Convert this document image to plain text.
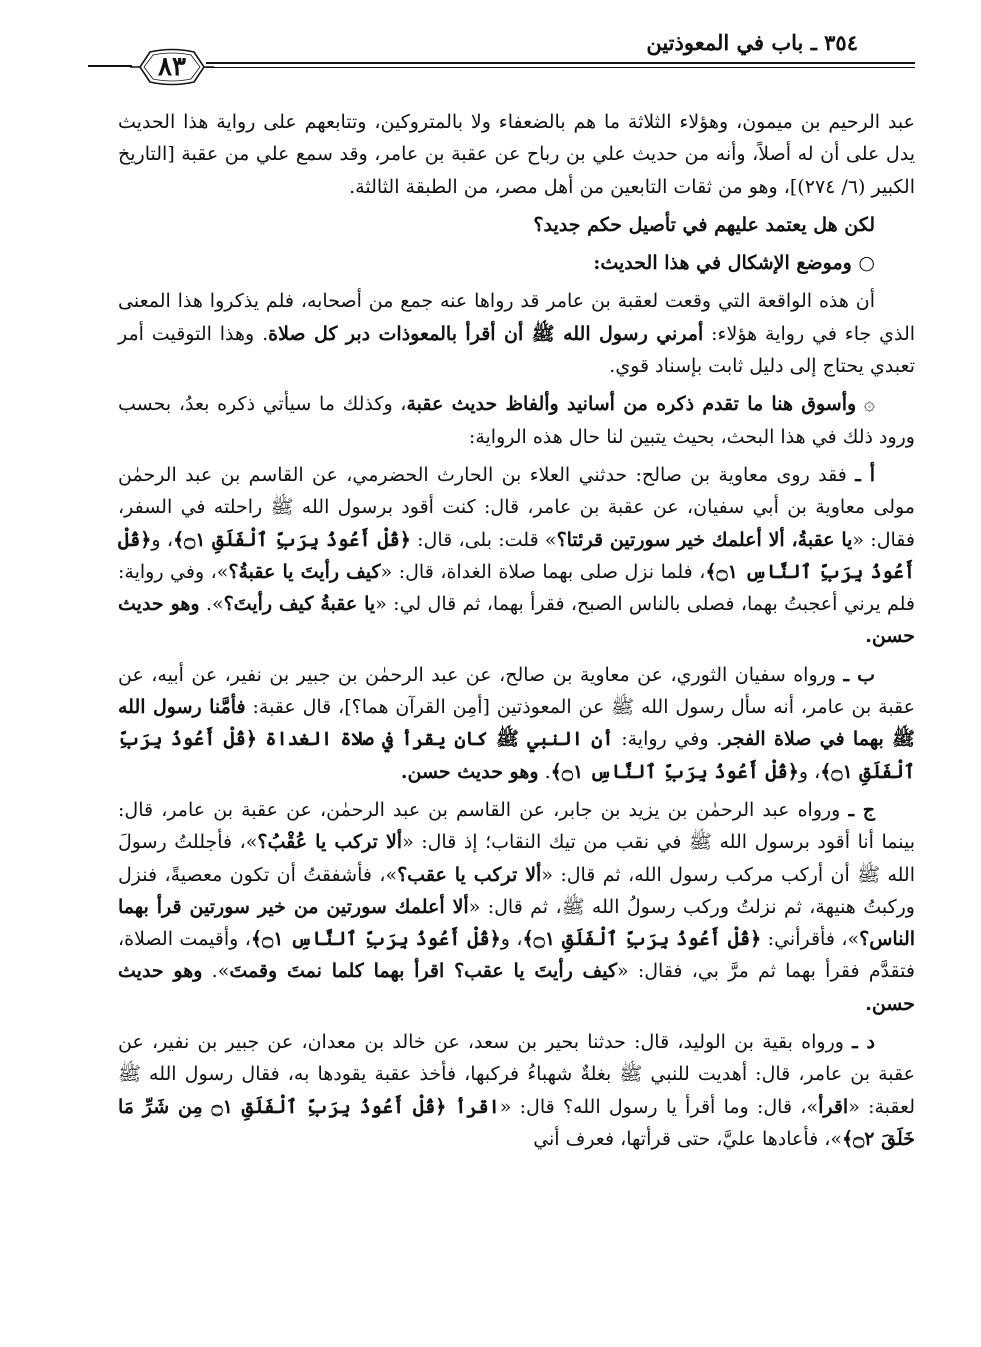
٣٥٤ ـ باب في المعوذتين
٨٣

عبد الرحيم بن ميمون، وهؤلاء الثلاثة ما هم بالضعفاء ولا بالمتروكين، وتتابعهم على رواية هذا الحديث يدل على أن له أصلاً، وأنه من حديث علي بن رباح عن عقبة بن عامر، وقد سمع علي من عقبة [التاريخ الكبير (٦/ ٢٧٤)]، وهو من ثقات التابعين من أهل مصر، من الطبقة الثالثة.

لكن هل يعتمد عليهم في تأصيل حكم جديد؟

○ وموضع الإشكال في هذا الحديث:

أن هذه الواقعة التي وقعت لعقبة بن عامر قد رواها عنه جمع من أصحابه، فلم يذكروا هذا المعنى الذي جاء في رواية هؤلاء: أمرني رسول الله ﷺ أن أقرأ بالمعوذات دبر كل صلاة. وهذا التوقيت أمر تعبدي يحتاج إلى دليل ثابت بإسناد قوي.

۞ وأسوق هنا ما تقدم ذكره من أسانيد وألفاظ حديث عقبة، وكذلك ما سيأتي ذكره بعدُ، بحسب ورود ذلك في هذا البحث، بحيث يتبين لنا حال هذه الرواية:

أ ـ فقد روى معاوية بن صالح: حدثني العلاء بن الحارث الحضرمي، عن القاسم بن عبد الرحمٰن مولى معاوية بن أبي سفيان، عن عقبة بن عامر، قال: كنت أقود برسول الله ﷺ راحلته في السفر، فقال: «يا عقبةُ، ألا أعلمك خير سورتين قرئتا؟» قلت: بلى، قال: ﴿قُلْ أَعُوذُ بِرَبِّ ٱلْفَلَقِ ۝١﴾، و﴿قُلْ أَعُوذُ بِرَبِّ ٱلنَّاسِ ۝١﴾، فلما نزل صلى بهما صلاة الغداة، قال: «كيف رأيتَ يا عقبةُ؟»، وفي رواية: فلم يرني أعجبتُ بهما، فصلى بالناس الصبح، فقرأ بهما، ثم قال لي: «يا عقبةُ كيف رأيتَ؟». وهو حديث حسن.

ب ـ ورواه سفيان الثوري، عن معاوية بن صالح، عن عبد الرحمٰن بن جبير بن نفير، عن أبيه، عن عقبة بن عامر، أنه سأل رسول الله ﷺ عن المعوذتين [أمِن القرآن هما؟]، قال عقبة: فأمَّنا رسول الله ﷺ بهما في صلاة الفجر. وفي رواية: أن النبي ﷺ كان يقرأ في صلاة الغداة ﴿قُلْ أَعُوذُ بِرَبِّ ٱلْفَلَقِ ۝١﴾، و﴿قُلْ أَعُوذُ بِرَبِّ ٱلنَّاسِ ۝١﴾. وهو حديث حسن.

ج ـ ورواه عبد الرحمٰن بن يزيد بن جابر، عن القاسم بن عبد الرحمٰن، عن عقبة بن عامر، قال: بينما أنا أقود برسول الله ﷺ في نقب من تيك النقاب؛ إذ قال: «ألا تركب يا عُقْبُ؟»، فأجللتُ رسولَ الله ﷺ أن أركب مركب رسول الله، ثم قال: «ألا تركب يا عقب؟»، فأشفقتُ أن تكون معصيةً، فنزل وركبتُ هنيهة، ثم نزلتُ وركب رسولُ الله ﷺ، ثم قال: «ألا أعلمك سورتين من خير سورتين قرأ بهما الناس؟»، فأقرأني: ﴿قُلْ أَعُوذُ بِرَبِّ ٱلْفَلَقِ ۝١﴾، و﴿قُلْ أَعُوذُ بِرَبِّ ٱلنَّاسِ ۝١﴾، وأقيمت الصلاة، فتقدَّم فقرأ بهما ثم مرَّ بي، فقال: «كيف رأيتَ يا عقب؟ اقرأ بهما كلما نمتَ وقمتَ». وهو حديث حسن.

د ـ ورواه بقية بن الوليد، قال: حدثنا بحير بن سعد، عن خالد بن معدان، عن جبير بن نفير، عن عقبة بن عامر، قال: أهديت للنبي ﷺ بغلةٌ شهباءُ فركبها، فأخذ عقبة يقودها به، فقال رسول الله ﷺ لعقبة: «اقرأ»، قال: وما أقرأ يا رسول الله؟ قال: «اقرأ ﴿قُلْ أَعُوذُ بِرَبِّ ٱلْفَلَقِ ۝١ مِن شَرِّ مَا خَلَقَ ۝٢﴾»، فأعادها عليَّ، حتى قرأتها، فعرف أني
